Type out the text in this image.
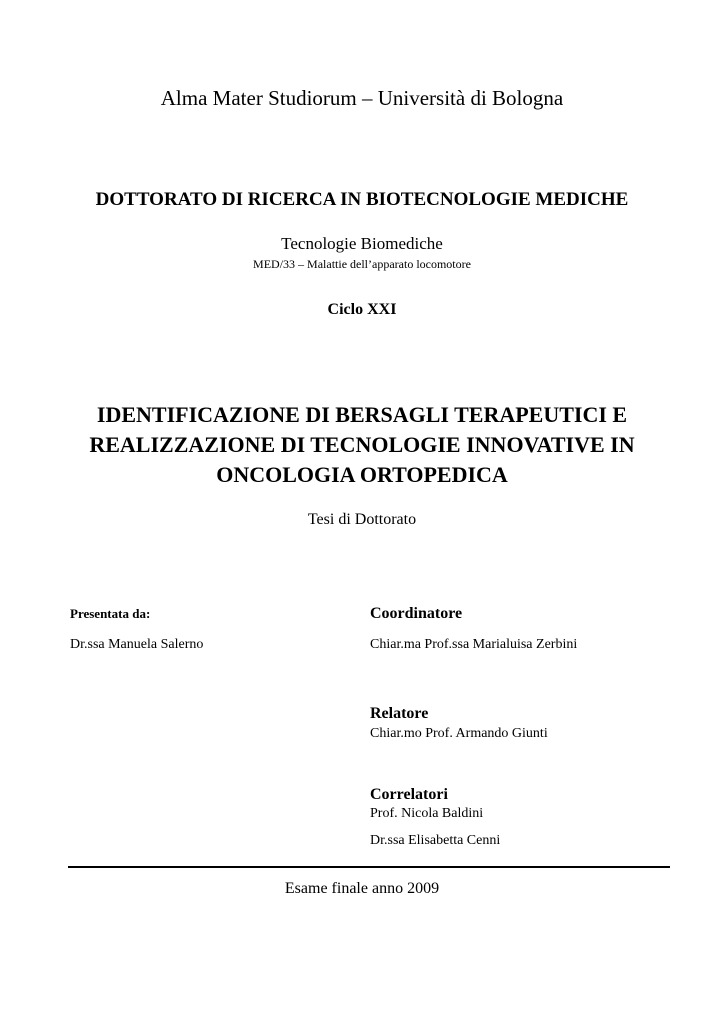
Alma Mater Studiorum – Università di Bologna

DOTTORATO DI RICERCA IN BIOTECNOLOGIE MEDICHE

Tecnologie Biomediche

MED/33 – Malattie dell’apparato locomotore

Ciclo XXI

IDENTIFICAZIONE DI BERSAGLI TERAPEUTICI E
REALIZZAZIONE DI TECNOLOGIE INNOVATIVE IN
ONCOLOGIA ORTOPEDICA

Tesi di Dottorato

Presentata da:

Dr.ssa Manuela Salerno

Coordinatore

Chiar.ma Prof.ssa Marialuisa Zerbini

Relatore

Chiar.mo Prof. Armando Giunti

Correlatori

Prof. Nicola Baldini

Dr.ssa Elisabetta Cenni

Esame finale anno 2009
